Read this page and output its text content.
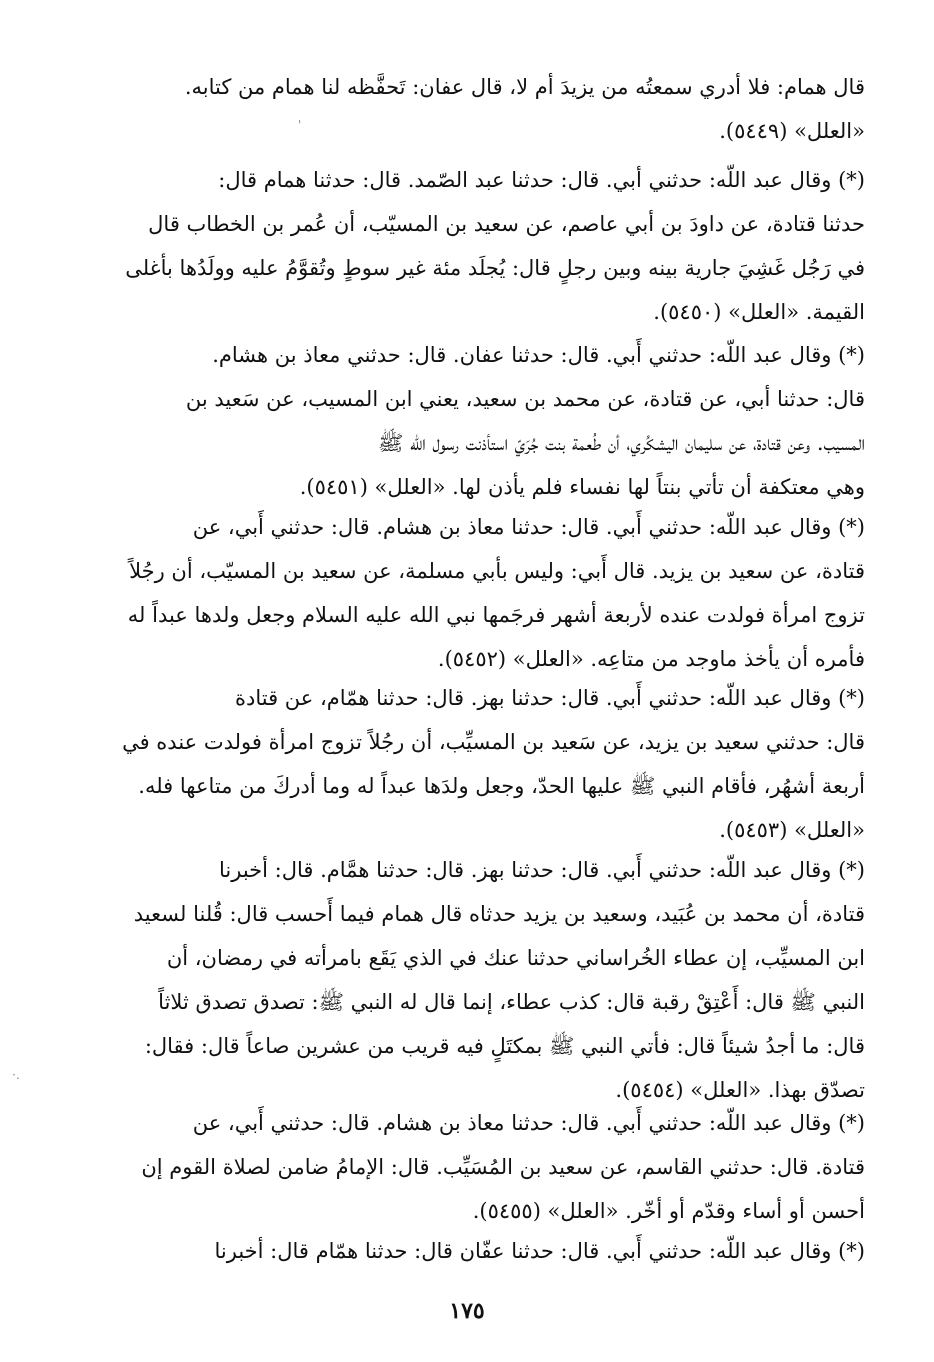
قال همام: فلا أدري سمعتُه من يزيدَ أم لا، قال عفان: تَحفَّظه لنا همام من كتابه.
«العلل» (٥٤٤٩).

(*) وقال عبد اللّه: حدثني أبي. قال: حدثنا عبد الصّمد. قال: حدثنا همام قال:
حدثنا قتادة، عن داودَ بن أبي عاصم، عن سعيد بن المسيّب، أن عُمر بن الخطاب قال
في رَجُل غَشِيَ جارية بينه وبين رجلٍ قال: يُجلَد مئة غير سوطٍ وتُقوَّمُ عليه وولَدُها بأغلى
القيمة. «العلل» (٥٤٥٠).

(*) وقال عبد اللّه: حدثني أَبي. قال: حدثنا عفان. قال: حدثني معاذ بن هشام.
قال: حدثنا أبي، عن قتادة، عن محمد بن سعيد، يعني ابن المسيب، عن سَعيد بن
المسيب. وعن قتادة، عن سليمان اليشكُري، أن طُعمة بنت جُرَيّ استأذنت رسول الله ﷺ
وهي معتكفة أن تأتي بنتاً لها نفساء فلم يأذن لها. «العلل» (٥٤٥١).

(*) وقال عبد اللّه: حدثني أَبي. قال: حدثنا معاذ بن هشام. قال: حدثني أَبي، عن
قتادة، عن سعيد بن يزيد. قال أَبي: وليس بأبي مسلمة، عن سعيد بن المسيّب، أن رجُلاً
تزوج امرأة فولدت عنده لأربعة أشهر فرجَمها نبي الله عليه السلام وجعل ولدها عبداً له
فأمره أن يأخذ ماوجد من متاعِه. «العلل» (٥٤٥٢).

(*) وقال عبد اللّه: حدثني أَبي. قال: حدثنا بهز. قال: حدثنا همّام، عن قتادة
قال: حدثني سعيد بن يزيد، عن سَعيد بن المسيِّب، أن رجُلاً تزوج امرأة فولدت عنده في
أربعة أشهُر، فأقام النبي ﷺ عليها الحدّ، وجعل ولدَها عبداً له وما أدركَ من متاعها فله.
«العلل» (٥٤٥٣).

(*) وقال عبد اللّه: حدثني أَبي. قال: حدثنا بهز. قال: حدثنا همَّام. قال: أخبرنا
قتادة، أن محمد بن عُبَيد، وسعيد بن يزيد حدثاه قال همام فيما أَحسب قال: قُلنا لسعيد
ابن المسيِّب، إن عطاء الخُراساني حدثنا عنك في الذي يَقَع بامرأته في رمضان، أن
النبي ﷺ قال: أَعْتِقْ رقبة قال: كذب عطاء، إنما قال له النبي ﷺ: تصدق تصدق ثلاثاً
قال: ما أجدُ شيئاً قال: فأتي النبي ﷺ بمكتَلٍ فيه قريب من عشرين صاعاً قال: فقال:
تصدّق بهذا. «العلل» (٥٤٥٤).

(*) وقال عبد اللّه: حدثني أَبي. قال: حدثنا معاذ بن هشام. قال: حدثني أَبي، عن
قتادة. قال: حدثني القاسم، عن سعيد بن المُسَيِّب. قال: الإمامُ ضامن لصلاة القوم إن
أحسن أو أساء وقدّم أو أخّر. «العلل» (٥٤٥٥).

(*) وقال عبد اللّه: حدثني أَبي. قال: حدثنا عفّان قال: حدثنا همّام قال: أخبرنا

١٧٥
'
·.
